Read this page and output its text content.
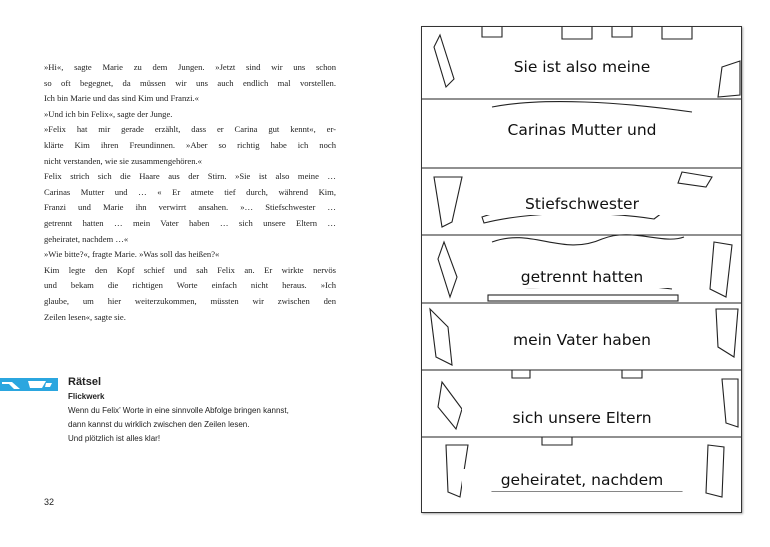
»Hi«, sagte Marie zu dem Jungen. »Jetzt sind wir uns schon
so oft begegnet, da müssen wir uns auch endlich mal vorstellen.
Ich bin Marie und das sind Kim und Franzi.«
»Und ich bin Felix«, sagte der Junge.
»Felix hat mir gerade erzählt, dass er Carina gut kennt«, er-
klärte Kim ihren Freundinnen. »Aber so richtig habe ich noch
nicht verstanden, wie sie zusammengehören.«
Felix strich sich die Haare aus der Stirn. »Sie ist also meine …
Carinas Mutter und … « Er atmete tief durch, während Kim,
Franzi und Marie ihn verwirrt ansahen. »… Stiefschwester …
getrennt hatten … mein Vater haben … sich unsere Eltern …
geheiratet, nachdem …«
»Wie bitte?«, fragte Marie. »Was soll das heißen?«
Kim legte den Kopf schief und sah Felix an. Er wirkte nervös
und bekam die richtigen Worte einfach nicht heraus. »Ich
glaube, um hier weiterzukommen, müssten wir zwischen den
Zeilen lesen«, sagte sie.
Rätsel
Flickwerk
Wenn du Felix’ Worte in eine sinnvolle Abfolge bringen kannst,
dann kannst du wirklich zwischen den Zeilen lesen.
Und plötzlich ist alles klar!
32
Sie ist also meine
Carinas Mutter und
Stiefschwester
getrennt hatten
mein Vater haben
sich unsere Eltern
geheiratet, nachdem
